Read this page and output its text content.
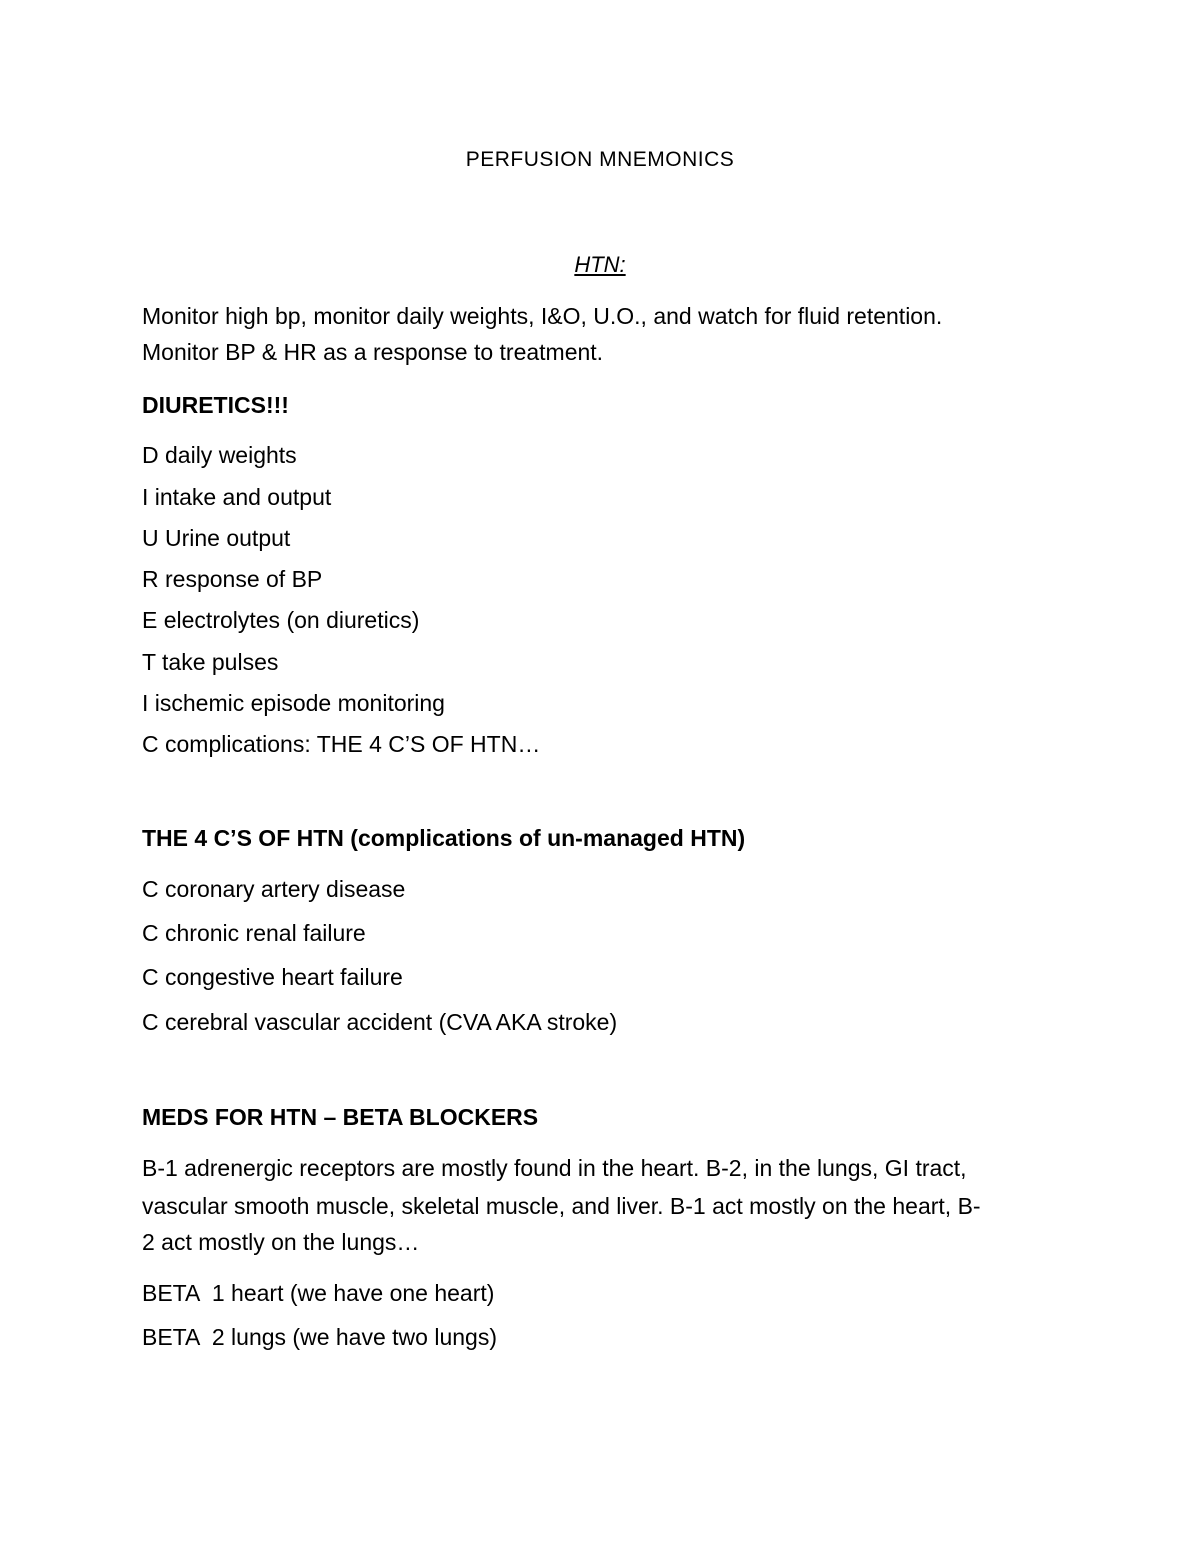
PERFUSION MNEMONICS
HTN:
Monitor high bp, monitor daily weights, I&O, U.O., and watch for fluid retention.
Monitor BP & HR as a response to treatment.
DIURETICS!!!
D daily weights
I intake and output
U Urine output
R response of BP
E electrolytes (on diuretics)
T take pulses
I ischemic episode monitoring
C complications: THE 4 C’S OF HTN…
THE 4 C’S OF HTN (complications of un-managed HTN)
C coronary artery disease
C chronic renal failure
C congestive heart failure
C cerebral vascular accident (CVA AKA stroke)
MEDS FOR HTN – BETA BLOCKERS
B-1 adrenergic receptors are mostly found in the heart. B-2, in the lungs, GI tract,
vascular smooth muscle, skeletal muscle, and liver. B-1 act mostly on the heart, B-
2 act mostly on the lungs…
BETA  1 heart (we have one heart)
BETA  2 lungs (we have two lungs)
